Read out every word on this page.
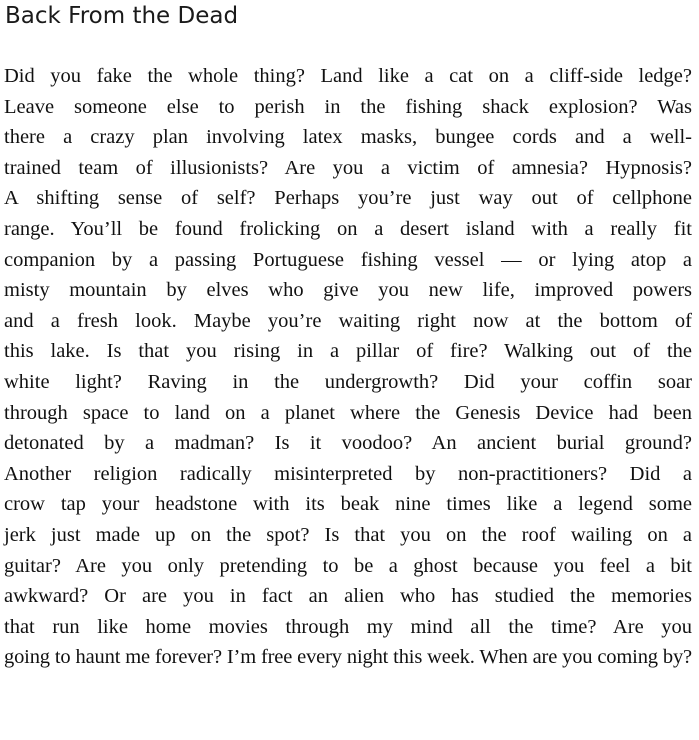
Back From the Dead

Did you fake the whole thing? Land like a cat on a cliff-side ledge?
Leave someone else to perish in the fishing shack explosion? Was
there a crazy plan involving latex masks, bungee cords and a well-
trained team of illusionists? Are you a victim of amnesia? Hypnosis?
A shifting sense of self? Perhaps you’re just way out of cellphone
range. You’ll be found frolicking on a desert island with a really fit
companion by a passing Portuguese fishing vessel — or lying atop a
misty mountain by elves who give you new life, improved powers
and a fresh look. Maybe you’re waiting right now at the bottom of
this lake. Is that you rising in a pillar of fire? Walking out of the
white light? Raving in the undergrowth? Did your coffin soar
through space to land on a planet where the Genesis Device had been
detonated by a madman? Is it voodoo? An ancient burial ground?
Another religion radically misinterpreted by non-practitioners? Did a
crow tap your headstone with its beak nine times like a legend some
jerk just made up on the spot? Is that you on the roof wailing on a
guitar? Are you only pretending to be a ghost because you feel a bit
awkward? Or are you in fact an alien who has studied the memories
that run like home movies through my mind all the time? Are you
going to haunt me forever? I’m free every night this week. When are you coming by?
